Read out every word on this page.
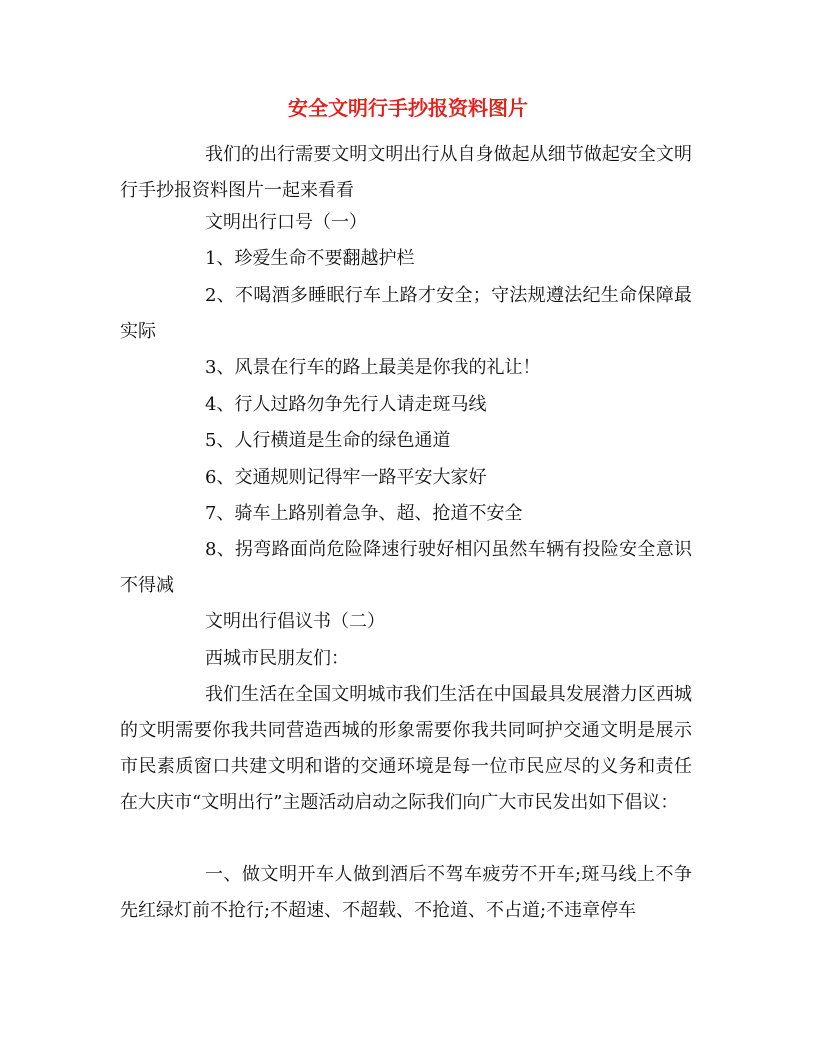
安全文明行手抄报资料图片

我们的出行需要文明文明出行从自身做起从细节做起安全文明行手抄报资料图片一起来看看

文明出行口号（一）

1、珍爱生命不要翻越护栏

2、不喝酒多睡眠行车上路才安全；守法规遵法纪生命保障最实际

3、风景在行车的路上最美是你我的礼让！

4、行人过路勿争先行人请走斑马线

5、人行横道是生命的绿色通道

6、交通规则记得牢一路平安大家好

7、骑车上路别着急争、超、抢道不安全

8、拐弯路面尚危险降速行驶好相闪虽然车辆有投险安全意识不得减

文明出行倡议书（二）

西城市民朋友们：

我们生活在全国文明城市我们生活在中国最具发展潜力区西城的文明需要你我共同营造西城的形象需要你我共同呵护交通文明是展示市民素质窗口共建文明和谐的交通环境是每一位市民应尽的义务和责任在大庆市“文明出行”主题活动启动之际我们向广大市民发出如下倡议：

一、做文明开车人做到酒后不驾车疲劳不开车;斑马线上不争先红绿灯前不抢行;不超速、不超载、不抢道、不占道;不违章停车
